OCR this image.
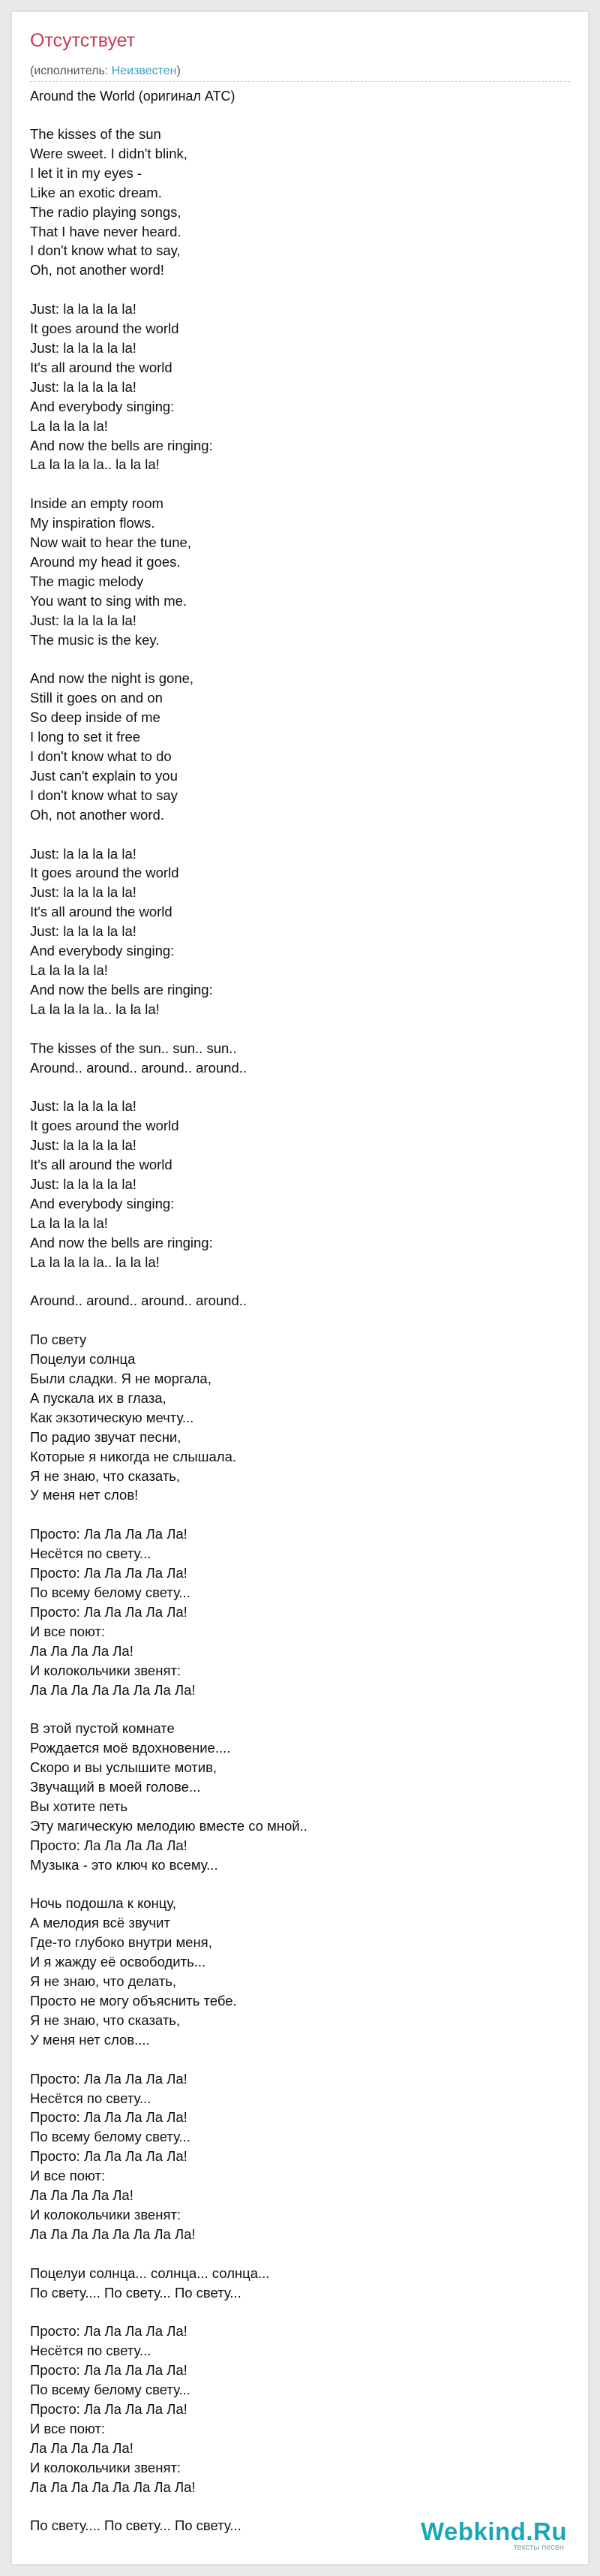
Отсутствует
(исполнитель: Неизвестен)
Around the World (оригинал ATC)
The kisses of the sun
Were sweet. I didn't blink,
I let it in my eyes -
Like an exotic dream.
The radio playing songs,
That I have never heard.
I don't know what to say,
Oh, not another word!

Just: la la la la la!
It goes around the world
Just: la la la la la!
It's all around the world
Just: la la la la la!
And everybody singing:
La la la la la!
And now the bells are ringing:
La la la la la.. la la la!

Inside an empty room
My inspiration flows.
Now wait to hear the tune,
Around my head it goes.
The magic melody
You want to sing with me.
Just: la la la la la!
The music is the key.

And now the night is gone,
Still it goes on and on
So deep inside of me
I long to set it free
I don't know what to do
Just can't explain to you
I don't know what to say
Oh, not another word.

Just: la la la la la!
It goes around the world
Just: la la la la la!
It's all around the world
Just: la la la la la!
And everybody singing:
La la la la la!
And now the bells are ringing:
La la la la la.. la la la!

The kisses of the sun.. sun.. sun..
Around.. around.. around.. around..

Just: la la la la la!
It goes around the world
Just: la la la la la!
It's all around the world
Just: la la la la la!
And everybody singing:
La la la la la!
And now the bells are ringing:
La la la la la.. la la la!

Around.. around.. around.. around..

По свету
Поцелуи солнца
Были сладки. Я не моргала,
А пускала их в глаза,
Как экзотическую мечту...
По радио звучат песни,
Которые я никогда не слышала.
Я не знаю, что сказать,
У меня нет слов!

Просто: Ла Ла Ла Ла Ла!
Несётся по свету...
Просто: Ла Ла Ла Ла Ла!
По всему белому свету...
Просто: Ла Ла Ла Ла Ла!
И все поют:
Ла Ла Ла Ла Ла!
И колокольчики звенят:
Ла Ла Ла Ла Ла Ла Ла Ла!

В этой пустой комнате
Рождается моё вдохновение....
Скоро и вы услышите мотив,
Звучащий в моей голове...
Вы хотите петь
Эту магическую мелодию вместе со мной..
Просто: Ла Ла Ла Ла Ла!
Музыка - это ключ ко всему...

Ночь подошла к концу,
А мелодия всё звучит
Где-то глубоко внутри меня,
И я жажду её освободить...
Я не знаю, что делать,
Просто не могу объяснить тебе.
Я не знаю, что сказать,
У меня нет слов....

Просто: Ла Ла Ла Ла Ла!
Несётся по свету...
Просто: Ла Ла Ла Ла Ла!
По всему белому свету...
Просто: Ла Ла Ла Ла Ла!
И все поют:
Ла Ла Ла Ла Ла!
И колокольчики звенят:
Ла Ла Ла Ла Ла Ла Ла Ла!

Поцелуи солнца... солнца... солнца...
По свету.... По свету... По свету...

Просто: Ла Ла Ла Ла Ла!
Несётся по свету...
Просто: Ла Ла Ла Ла Ла!
По всему белому свету...
Просто: Ла Ла Ла Ла Ла!
И все поют:
Ла Ла Ла Ла Ла!
И колокольчики звенят:
Ла Ла Ла Ла Ла Ла Ла Ла!

По свету.... По свету... По свету...	Webkind.Ru
тексты песен
